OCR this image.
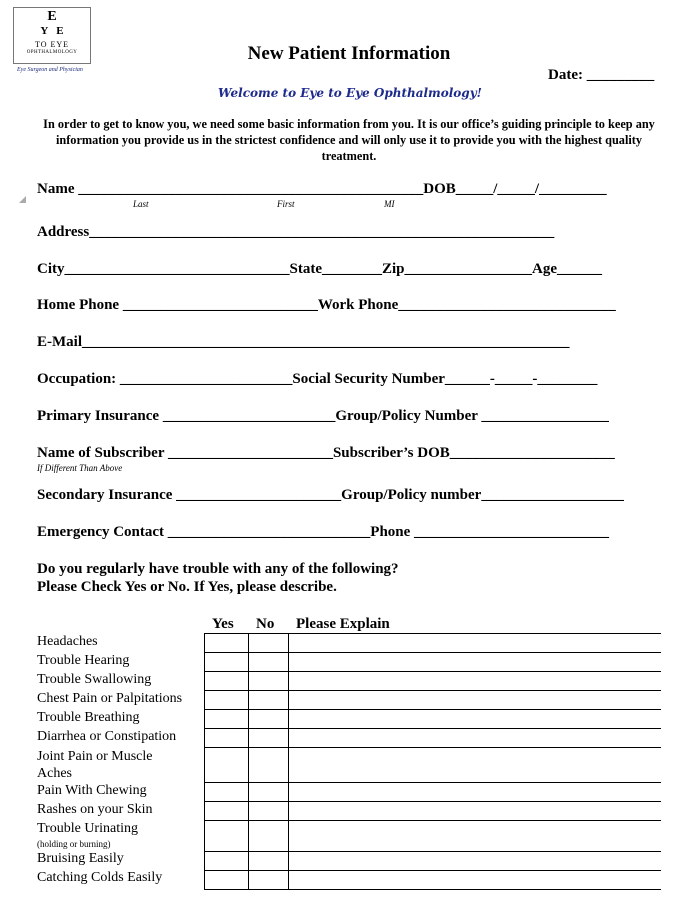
E
YE
TO EYE
OPHTHALMOLOGY
Eye Surgeon and Physician
New Patient Information
Date: _________
Welcome to Eye to Eye Ophthalmology!
In order to get to know you, we need some basic information from you. It is our office’s guiding principle to keep any information you provide us in the strictest confidence and will only use it to provide you with the highest quality treatment.
Name ______________________________________________DOB_____/_____/_________
Last	First	MI
Address______________________________________________________________
City______________________________State________Zip_________________Age______
Home Phone __________________________Work Phone_____________________________
E-Mail_________________________________________________________________
Occupation: _______________________Social Security Number______-_____-________
Primary Insurance _______________________Group/Policy Number _________________
Name of Subscriber ______________________Subscriber’s DOB______________________
If Different Than Above
Secondary Insurance ______________________Group/Policy number___________________
Emergency Contact ___________________________Phone __________________________
Do you regularly have trouble with any of the following?
Please Check Yes or No. If Yes, please describe.
Yes No Please Explain
Headaches
Trouble Hearing
Trouble Swallowing
Chest Pain or Palpitations
Trouble Breathing
Diarrhea or Constipation
Joint Pain or Muscle
Aches
Pain With Chewing
Rashes on your Skin
Trouble Urinating
(holding or burning)
Bruising Easily
Catching Colds Easily
